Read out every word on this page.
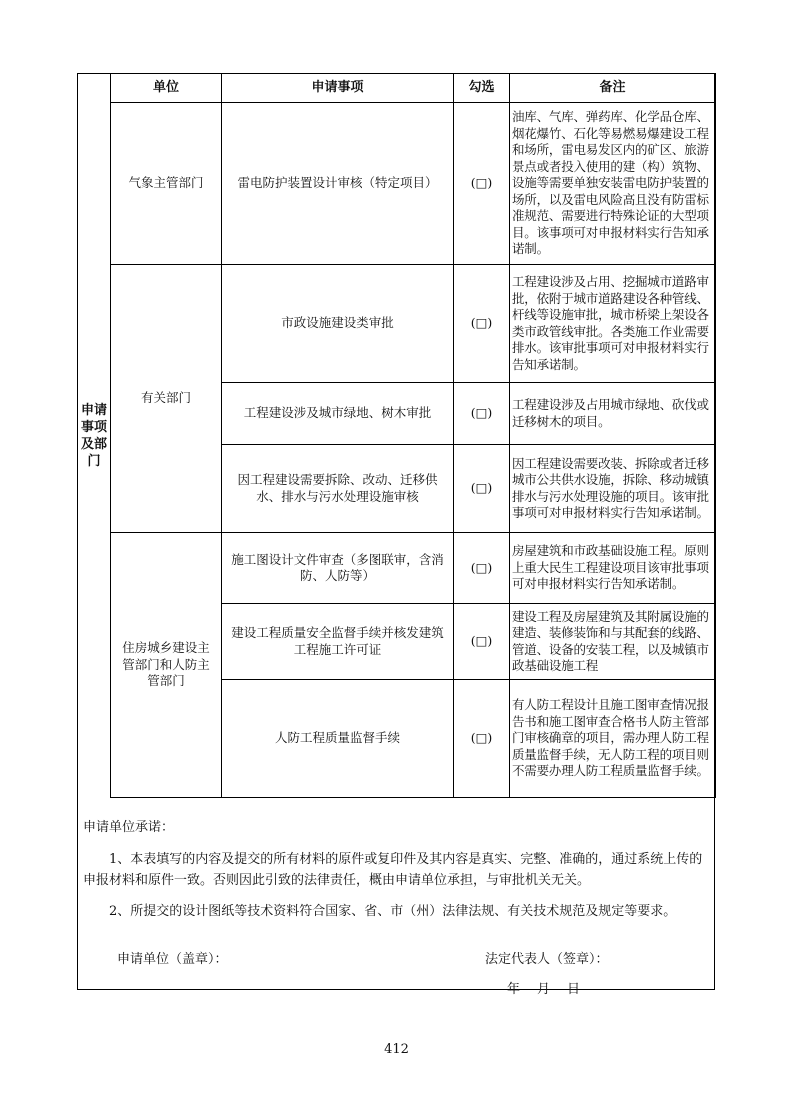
申请事项及部门	单位	申请事项	勾选	备注
	气象主管部门	雷电防护装置设计审核（特定项目）	(□)	油库、气库、弹药库、化学品仓库、烟花爆竹、石化等易燃易爆建设工程和场所，雷电易发区内的矿区、旅游景点或者投入使用的建（构）筑物、设施等需要单独安装雷电防护装置的场所，以及雷电风险高且没有防雷标准规范、需要进行特殊论证的大型项目。该事项可对申报材料实行告知承诺制。

	有关部门	市政设施建设类审批	(□)	工程建设涉及占用、挖掘城市道路审批，依附于城市道路建设各种管线、杆线等设施审批，城市桥梁上架设各类市政管线审批。各类施工作业需要排水。该审批事项可对申报材料实行告知承诺制。

		工程建设涉及城市绿地、树木审批	(□)	工程建设涉及占用城市绿地、砍伐或迁移树木的项目。

		因工程建设需要拆除、改动、迁移供水、排水与污水处理设施审核	(□)	因工程建设需要改装、拆除或者迁移城市公共供水设施，拆除、移动城镇排水与污水处理设施的项目。该审批事项可对申报材料实行告知承诺制。

	住房城乡建设主管部门和人防主管部门	施工图设计文件审查（多图联审，含消防、人防等）	(□)	房屋建筑和市政基础设施工程。原则上重大民生工程建设项目该审批事项可对申报材料实行告知承诺制。

		建设工程质量安全监督手续并核发建筑工程施工许可证	(□)	建设工程及房屋建筑及其附属设施的建造、装修装饰和与其配套的线路、管道、设备的安装工程，以及城镇市政基础设施工程

		人防工程质量监督手续	(□)	有人防工程设计且施工图审查情况报告书和施工图审查合格书人防主管部门审核确章的项目，需办理人防工程质量监督手续，无人防工程的项目则不需要办理人防工程质量监督手续。
申请单位承诺：
1、本表填写的内容及提交的所有材料的原件或复印件及其内容是真实、完整、准确的，通过系统上传的申报材料和原件一致。否则因此引致的法律责任，概由申请单位承担，与审批机关无关。
2、所提交的设计图纸等技术资料符合国家、省、市（州）法律法规、有关技术规范及规定等要求。
申请单位（盖章）：	法定代表人（签章）：
年　月　日
412
